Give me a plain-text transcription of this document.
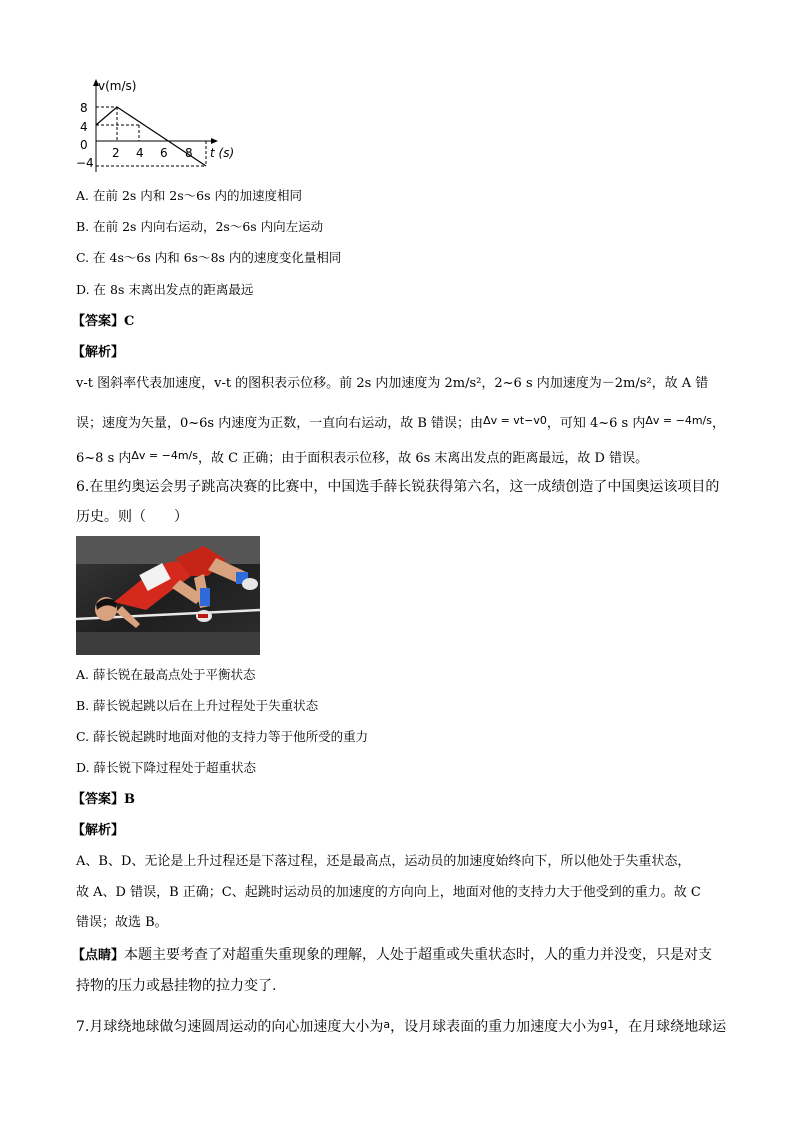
v(m/s)
t (s)
8
4
0
−4
2 4 6 8
A. 在前 2s 内和 2s～6s 内的加速度相同
B. 在前 2s 内向右运动，2s～6s 内向左运动
C. 在 4s～6s 内和 6s～8s 内的速度变化量相同
D. 在 8s 末离出发点的距离最远
【答案】C
【解析】
v-t 图斜率代表加速度，v-t 的图积表示位移。前 2s 内加速度为 2m/s²，2~6 s 内加速度为－2m/s²，故 A 错
误；速度为矢量，0~6s 内速度为正数，一直向右运动，故 B 错误；由$^{\Delta v = vt-v0}$，可知 4~6 s 内$^{\Delta v = -4m/s}$，
6~8 s 内$^{\Delta v = -4m/s}$，故 C 正确；由于面积表示位移，故 6s 末离出发点的距离最远，故 D 错误。
6.在里约奥运会男子跳高决赛的比赛中，中国选手薛长锐获得第六名，这一成绩创造了中国奥运该项目的
历史。则（　　）
A. 薛长锐在最高点处于平衡状态
B. 薛长锐起跳以后在上升过程处于失重状态
C. 薛长锐起跳时地面对他的支持力等于他所受的重力
D. 薛长锐下降过程处于超重状态
【答案】B
【解析】
A、B、D、无论是上升过程还是下落过程，还是最高点，运动员的加速度始终向下，所以他处于失重状态，
故 A、D 错误，B 正确；C、起跳时运动员的加速度的方向向上，地面对他的支持力大于他受到的重力。故 C
错误；故选 B。
【点睛】本题主要考查了对超重失重现象的理解，人处于超重或失重状态时，人的重力并没变，只是对支
持物的压力或悬挂物的拉力变了.
7.月球绕地球做匀速圆周运动的向心加速度大小为$^a$，设月球表面的重力加速度大小为$^{g1}$，在月球绕地球运
